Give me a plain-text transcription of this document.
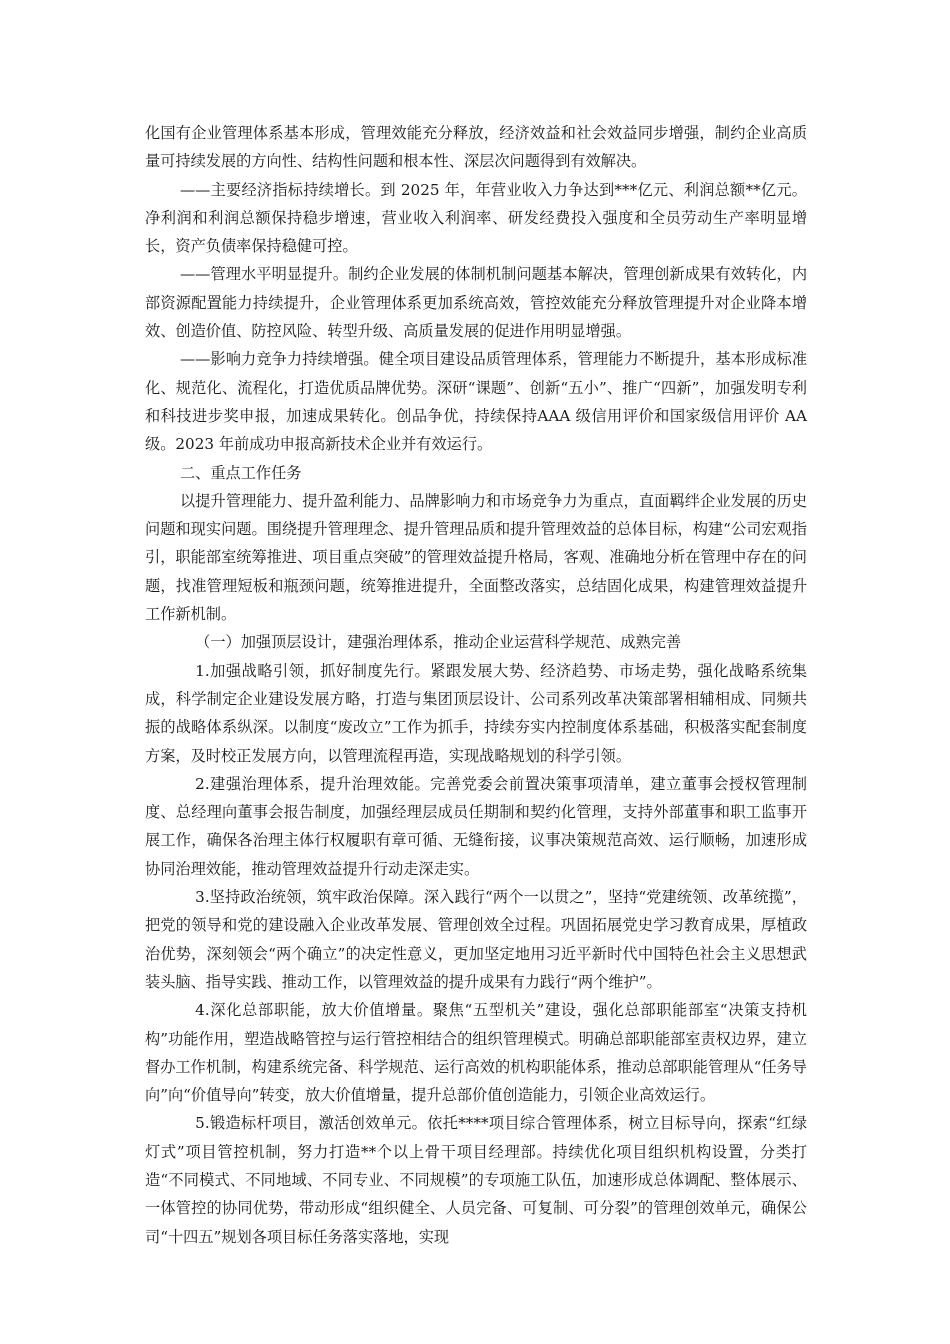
化国有企业管理体系基本形成，管理效能充分释放，经济效益和社会效益同步增强，制约企业高质量可持续发展的方向性、结构性问题和根本性、深层次问题得到有效解决。

——主要经济指标持续增长。到 2025 年，年营业收入力争达到***亿元、利润总额**亿元。净利润和利润总额保持稳步增速，营业收入利润率、研发经费投入强度和全员劳动生产率明显增长，资产负债率保持稳健可控。

——管理水平明显提升。制约企业发展的体制机制问题基本解决，管理创新成果有效转化，内部资源配置能力持续提升，企业管理体系更加系统高效，管控效能充分释放管理提升对企业降本增效、创造价值、防控风险、转型升级、高质量发展的促进作用明显增强。

——影响力竞争力持续增强。健全项目建设品质管理体系，管理能力不断提升，基本形成标准化、规范化、流程化，打造优质品牌优势。深研“课题”、创新“五小”、推广“四新”，加强发明专利和科技进步奖申报，加速成果转化。创品争优，持续保持AAA 级信用评价和国家级信用评价 AA 级。2023 年前成功申报高新技术企业并有效运行。

二、重点工作任务

以提升管理能力、提升盈利能力、品牌影响力和市场竞争力为重点，直面羁绊企业发展的历史问题和现实问题。围绕提升管理理念、提升管理品质和提升管理效益的总体目标，构建“公司宏观指引，职能部室统筹推进、项目重点突破”的管理效益提升格局，客观、准确地分析在管理中存在的问题，找准管理短板和瓶颈问题，统筹推进提升，全面整改落实，总结固化成果，构建管理效益提升工作新机制。

（一）加强顶层设计，建强治理体系，推动企业运营科学规范、成熟完善

1.加强战略引领，抓好制度先行。紧跟发展大势、经济趋势、市场走势，强化战略系统集成，科学制定企业建设发展方略，打造与集团顶层设计、公司系列改革决策部署相辅相成、同频共振的战略体系纵深。以制度“废改立”工作为抓手，持续夯实内控制度体系基础，积极落实配套制度方案，及时校正发展方向，以管理流程再造，实现战略规划的科学引领。

2.建强治理体系，提升治理效能。完善党委会前置决策事项清单，建立董事会授权管理制度、总经理向董事会报告制度，加强经理层成员任期制和契约化管理，支持外部董事和职工监事开展工作，确保各治理主体行权履职有章可循、无缝衔接，议事决策规范高效、运行顺畅，加速形成协同治理效能，推动管理效益提升行动走深走实。

3.坚持政治统领，筑牢政治保障。深入践行“两个一以贯之”，坚持“党建统领、改革统揽”，把党的领导和党的建设融入企业改革发展、管理创效全过程。巩固拓展党史学习教育成果，厚植政治优势，深刻领会“两个确立”的决定性意义，更加坚定地用习近平新时代中国特色社会主义思想武装头脑、指导实践、推动工作，以管理效益的提升成果有力践行“两个维护”。

4.深化总部职能，放大价值增量。聚焦“五型机关”建设，强化总部职能部室“决策支持机构”功能作用，塑造战略管控与运行管控相结合的组织管理模式。明确总部职能部室责权边界，建立督办工作机制，构建系统完备、科学规范、运行高效的机构职能体系，推动总部职能管理从“任务导向”向“价值导向”转变，放大价值增量，提升总部价值创造能力，引领企业高效运行。

5.锻造标杆项目，激活创效单元。依托****项目综合管理体系，树立目标导向，探索“红绿灯式”项目管控机制，努力打造**个以上骨干项目经理部。持续优化项目组织机构设置，分类打造“不同模式、不同地域、不同专业、不同规模”的专项施工队伍，加速形成总体调配、整体展示、一体管控的协同优势，带动形成“组织健全、人员完备、可复制、可分裂”的管理创效单元，确保公司“十四五”规划各项目标任务落实落地，实现
